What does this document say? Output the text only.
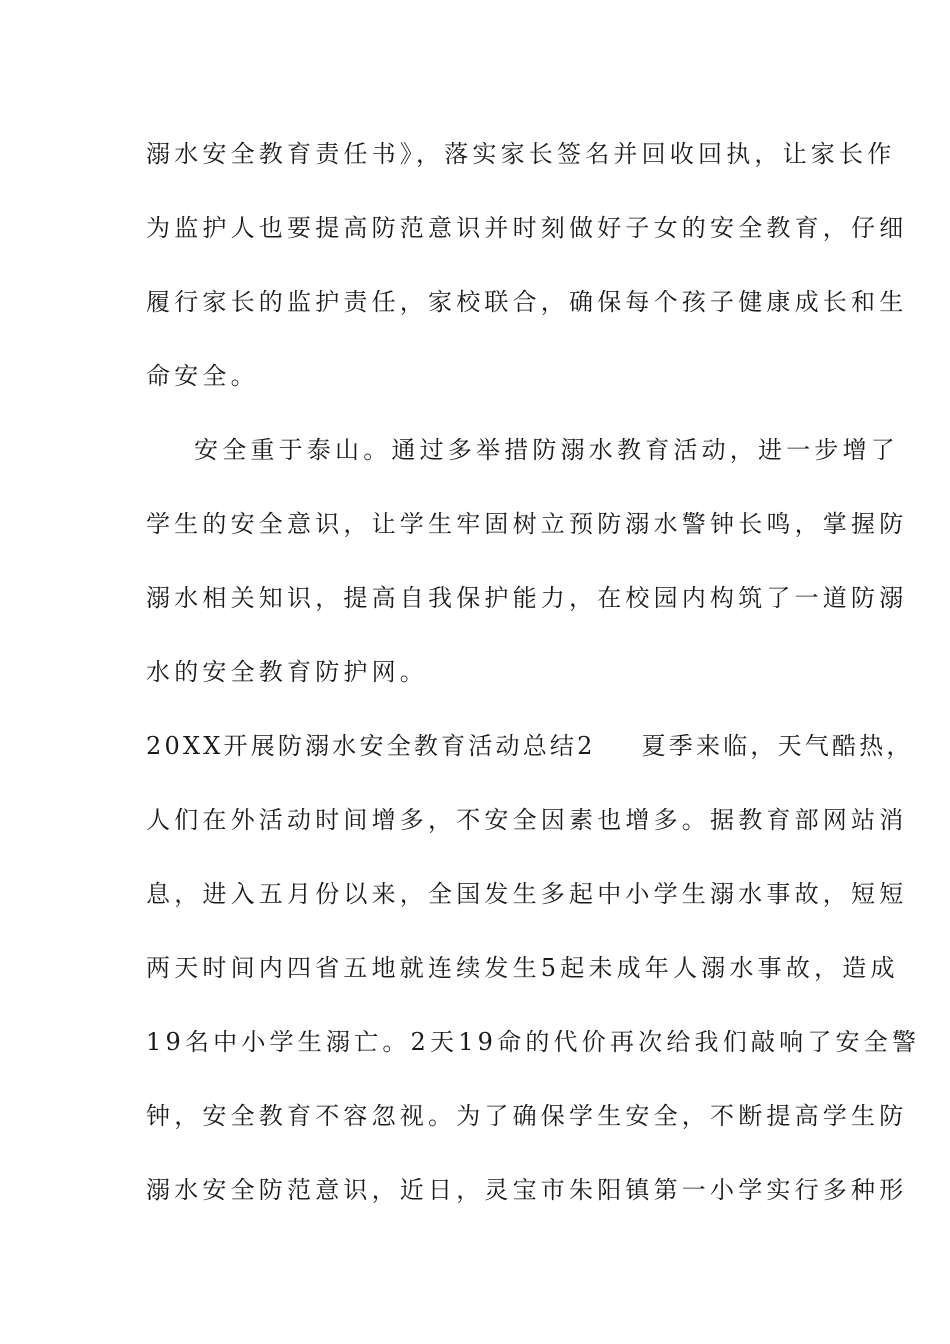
溺水安全教育责任书》，落实家长签名并回收回执，让家长作
为监护人也要提高防范意识并时刻做好子女的安全教育，仔细
履行家长的监护责任，家校联合，确保每个孩子健康成长和生
命安全。
安全重于泰山。通过多举措防溺水教育活动，进一步增了
学生的安全意识，让学生牢固树立预防溺水警钟长鸣，掌握防
溺水相关知识，提高自我保护能力，在校园内构筑了一道防溺
水的安全教育防护网。
20XX开展防溺水安全教育活动总结2 夏季来临，天气酷热，
人们在外活动时间增多，不安全因素也增多。据教育部网站消
息，进入五月份以来，全国发生多起中小学生溺水事故，短短
两天时间内四省五地就连续发生5起未成年人溺水事故，造成
19名中小学生溺亡。2天19命的代价再次给我们敲响了安全警
钟，安全教育不容忽视。为了确保学生安全，不断提高学生防
溺水安全防范意识，近日，灵宝市朱阳镇第一小学实行多种形
